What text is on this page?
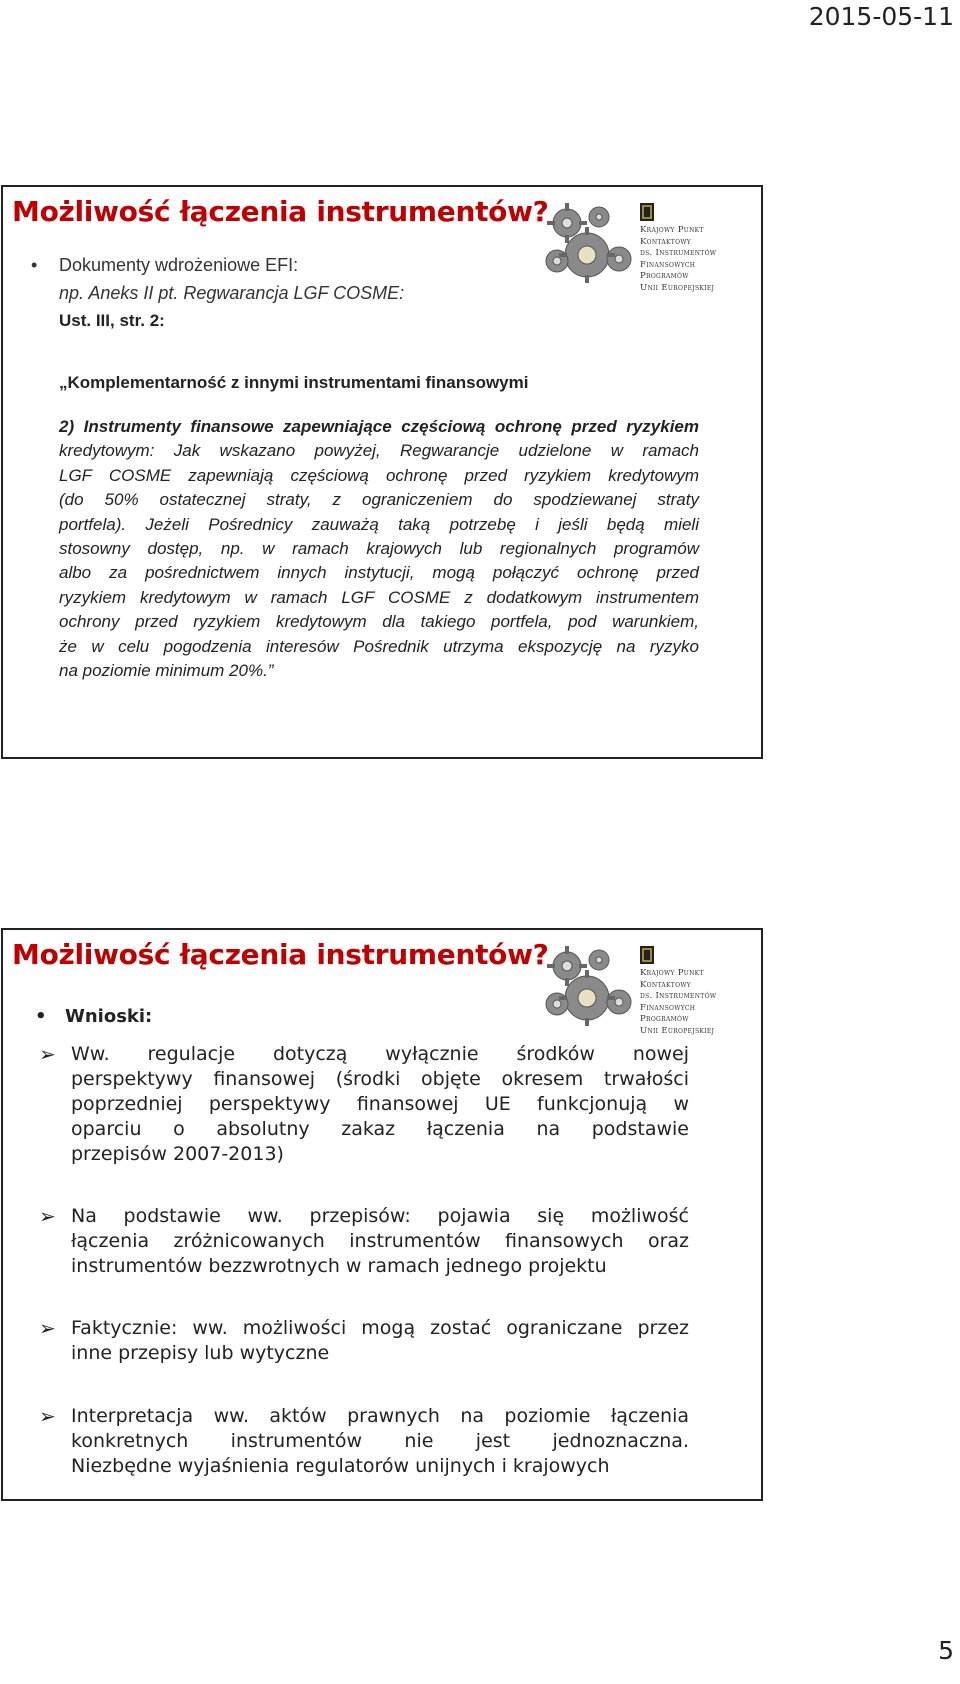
2015-05-11
Możliwość łączenia instrumentów?
Krajowy Punkt
Kontaktowy
ds. Instrumentów
Finansowych
Programów
Unii Europejskiej
• Dokumenty wdrożeniowe EFI:
np. Aneks II pt. Regwarancja LGF COSME:
Ust. III, str. 2:
„Komplementarność z innymi instrumentami finansowymi
2) Instrumenty finansowe zapewniające częściową ochronę przed ryzykiem
kredytowym: Jak wskazano powyżej, Regwarancje udzielone w ramach
LGF COSME zapewniają częściową ochronę przed ryzykiem kredytowym
(do 50% ostatecznej straty, z ograniczeniem do spodziewanej straty
portfela). Jeżeli Pośrednicy zauważą taką potrzebę i jeśli będą mieli
stosowny dostęp, np. w ramach krajowych lub regionalnych programów
albo za pośrednictwem innych instytucji, mogą połączyć ochronę przed
ryzykiem kredytowym w ramach LGF COSME z dodatkowym instrumentem
ochrony przed ryzykiem kredytowym dla takiego portfela, pod warunkiem,
że w celu pogodzenia interesów Pośrednik utrzyma ekspozycję na ryzyko
na poziomie minimum 20%.”
Możliwość łączenia instrumentów?
Krajowy Punkt
Kontaktowy
ds. Instrumentów
Finansowych
Programów
Unii Europejskiej
• Wnioski:
➢ Ww. regulacje dotyczą wyłącznie środków nowej
perspektywy finansowej (środki objęte okresem trwałości
poprzedniej perspektywy finansowej UE funkcjonują w
oparciu o absolutny zakaz łączenia na podstawie
przepisów 2007-2013)
➢ Na podstawie ww. przepisów: pojawia się możliwość
łączenia zróżnicowanych instrumentów finansowych oraz
instrumentów bezzwrotnych w ramach jednego projektu
➢ Faktycznie: ww. możliwości mogą zostać ograniczane przez
inne przepisy lub wytyczne
➢ Interpretacja ww. aktów prawnych na poziomie łączenia
konkretnych instrumentów nie jest jednoznaczna.
Niezbędne wyjaśnienia regulatorów unijnych i krajowych
5
